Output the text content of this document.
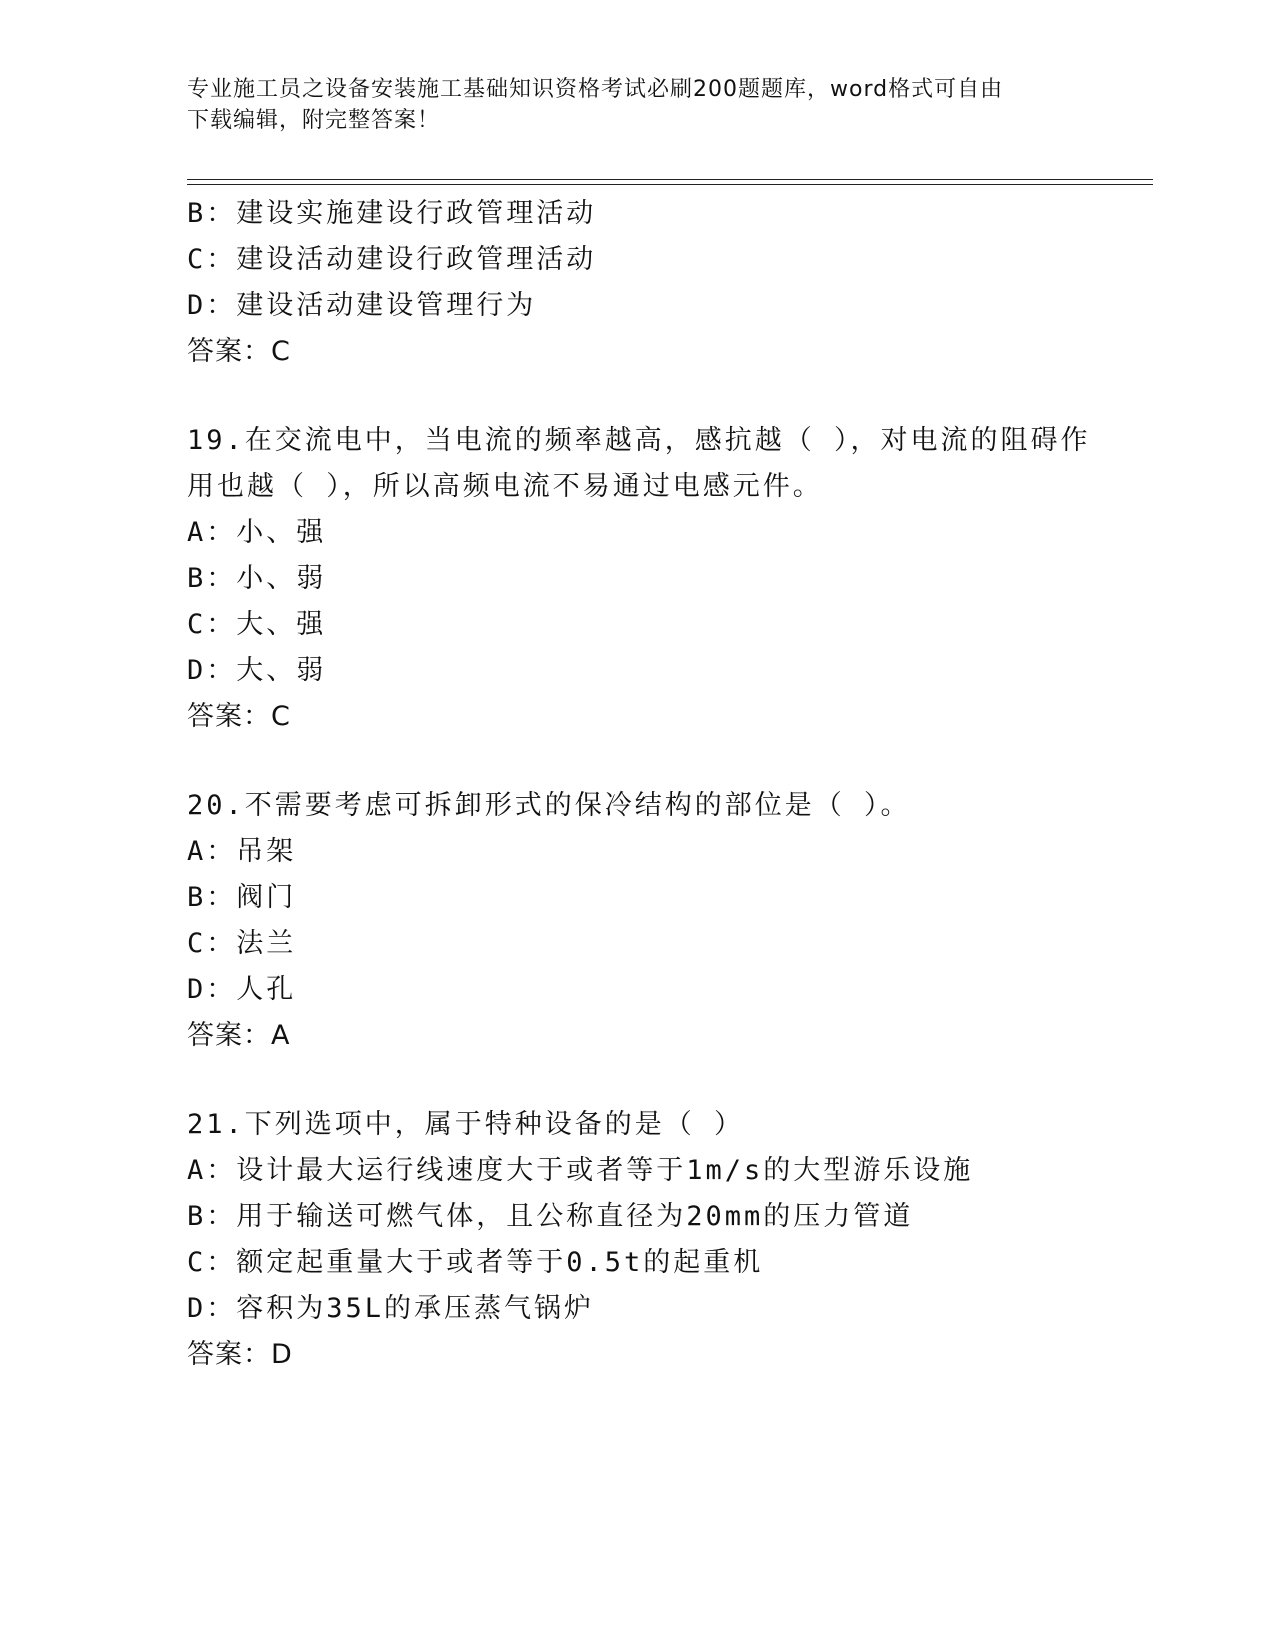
专业施工员之设备安装施工基础知识资格考试必刷200题题库，word格式可自由
下载编辑，附完整答案！
B：建设实施建设行政管理活动
C：建设活动建设行政管理活动
D：建设活动建设管理行为
答案：C
19.在交流电中，当电流的频率越高，感抗越（ ），对电流的阻碍作
用也越（ ），所以高频电流不易通过电感元件。
A：小、强
B：小、弱
C：大、强
D：大、弱
答案：C
20.不需要考虑可拆卸形式的保冷结构的部位是（ ）。
A：吊架
B：阀门
C：法兰
D：人孔
答案：A
21.下列选项中，属于特种设备的是（ ）
A：设计最大运行线速度大于或者等于1m/s的大型游乐设施
B：用于输送可燃气体，且公称直径为20mm的压力管道
C：额定起重量大于或者等于0.5t的起重机
D：容积为35L的承压蒸气锅炉
答案：D
